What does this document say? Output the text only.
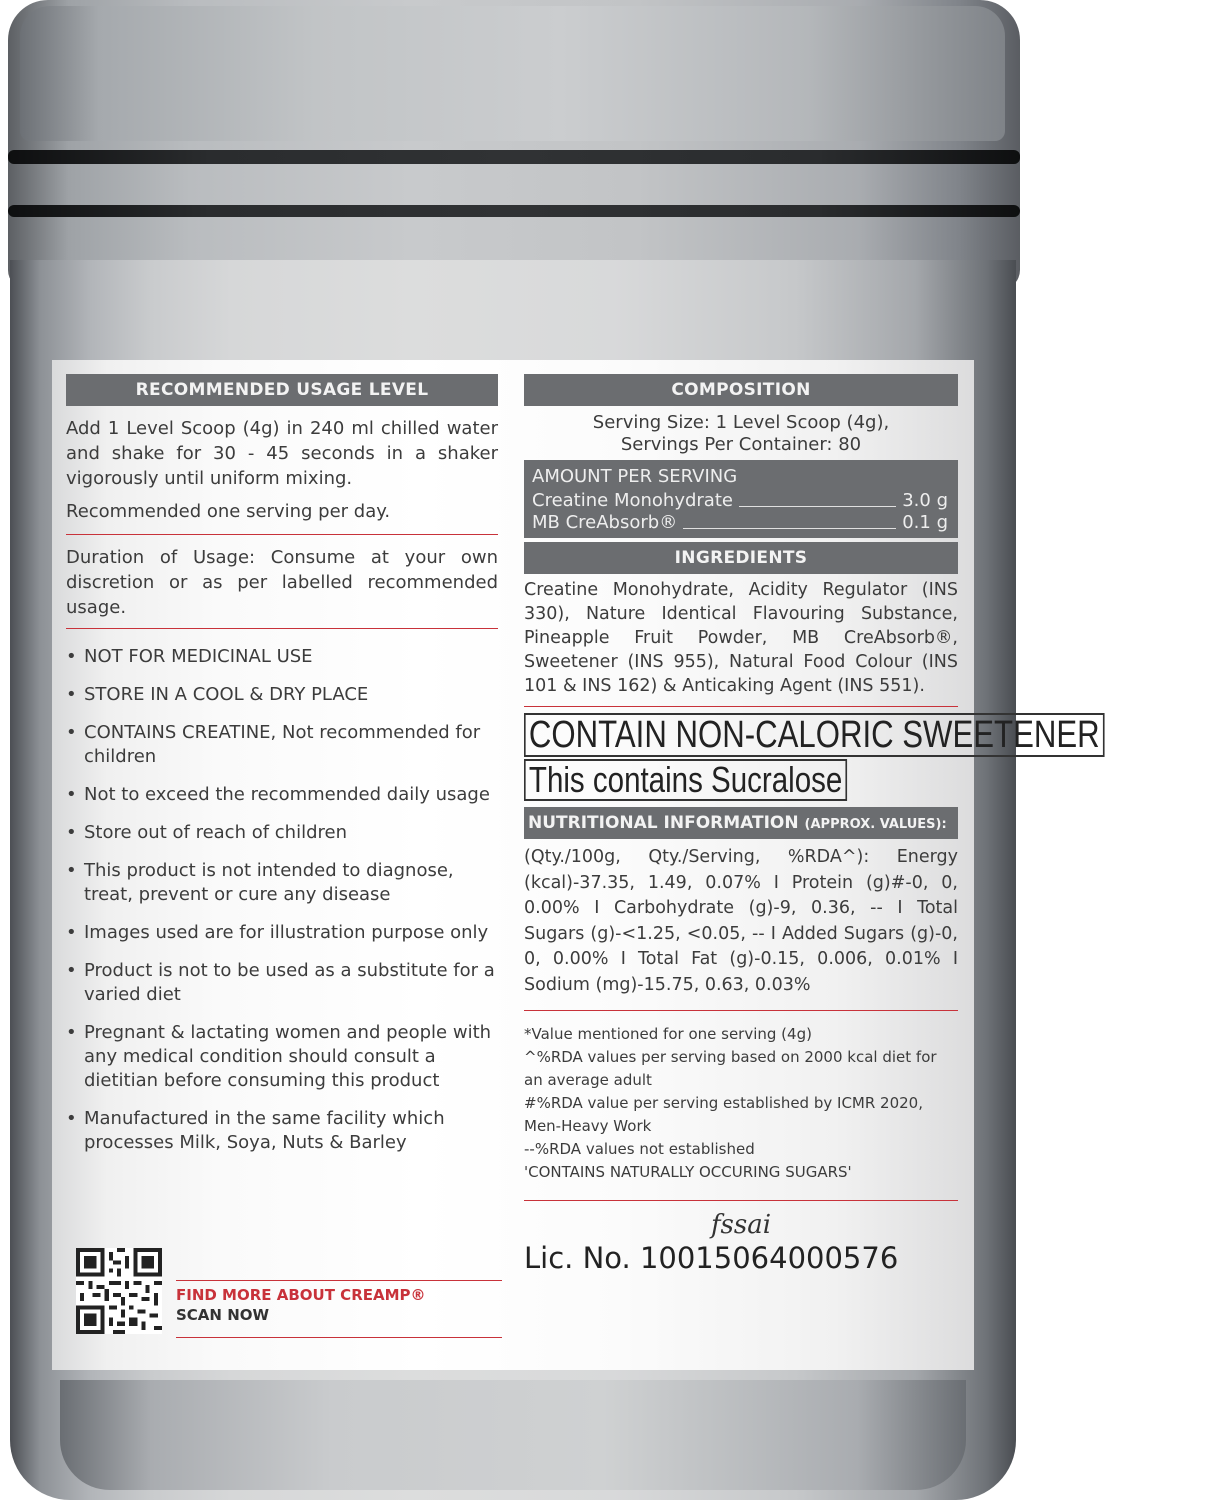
RECOMMENDED USAGE LEVEL
Add 1 Level Scoop (4g) in 240 ml chilled water and shake for 30 - 45 seconds in a shaker vigorously until uniform mixing.
Recommended one serving per day.
Duration of Usage: Consume at your own discretion or as per labelled recommended usage.
• NOT FOR MEDICINAL USE
• STORE IN A COOL & DRY PLACE
• CONTAINS CREATINE, Not recommended for children
• Not to exceed the recommended daily usage
• Store out of reach of children
• This product is not intended to diagnose, treat, prevent or cure any disease
• Images used are for illustration purpose only
• Product is not to be used as a substitute for a varied diet
• Pregnant & lactating women and people with any medical condition should consult a dietitian before consuming this product
• Manufactured in the same facility which processes Milk, Soya, Nuts & Barley
FIND MORE ABOUT CREAMP®
SCAN NOW
COMPOSITION
Serving Size: 1 Level Scoop (4g),
Servings Per Container: 80
AMOUNT PER SERVING
Creatine Monohydrate	3.0 g
MB CreAbsorb®	0.1 g
INGREDIENTS
Creatine Monohydrate, Acidity Regulator (INS 330), Nature Identical Flavouring Substance, Pineapple Fruit Powder, MB CreAbsorb®, Sweetener (INS 955), Natural Food Colour (INS 101 & INS 162) & Anticaking Agent (INS 551).
CONTAIN NON-CALORIC SWEETENER
This contains Sucralose
NUTRITIONAL INFORMATION (APPROX. VALUES):
(Qty./100g, Qty./Serving, %RDA^): Energy (kcal)-37.35, 1.49, 0.07% I Protein (g)#-0, 0, 0.00% I Carbohydrate (g)-9, 0.36, -- I Total Sugars (g)-<1.25, <0.05, -- I Added Sugars (g)-0, 0, 0.00% I Total Fat (g)-0.15, 0.006, 0.01% I Sodium (mg)-15.75, 0.63, 0.03%
*Value mentioned for one serving (4g)
^%RDA values per serving based on 2000 kcal diet for an average adult
#%RDA value per serving established by ICMR 2020, Men-Heavy Work
--%RDA values not established
'CONTAINS NATURALLY OCCURING SUGARS'
fssai
Lic. No. 10015064000576
